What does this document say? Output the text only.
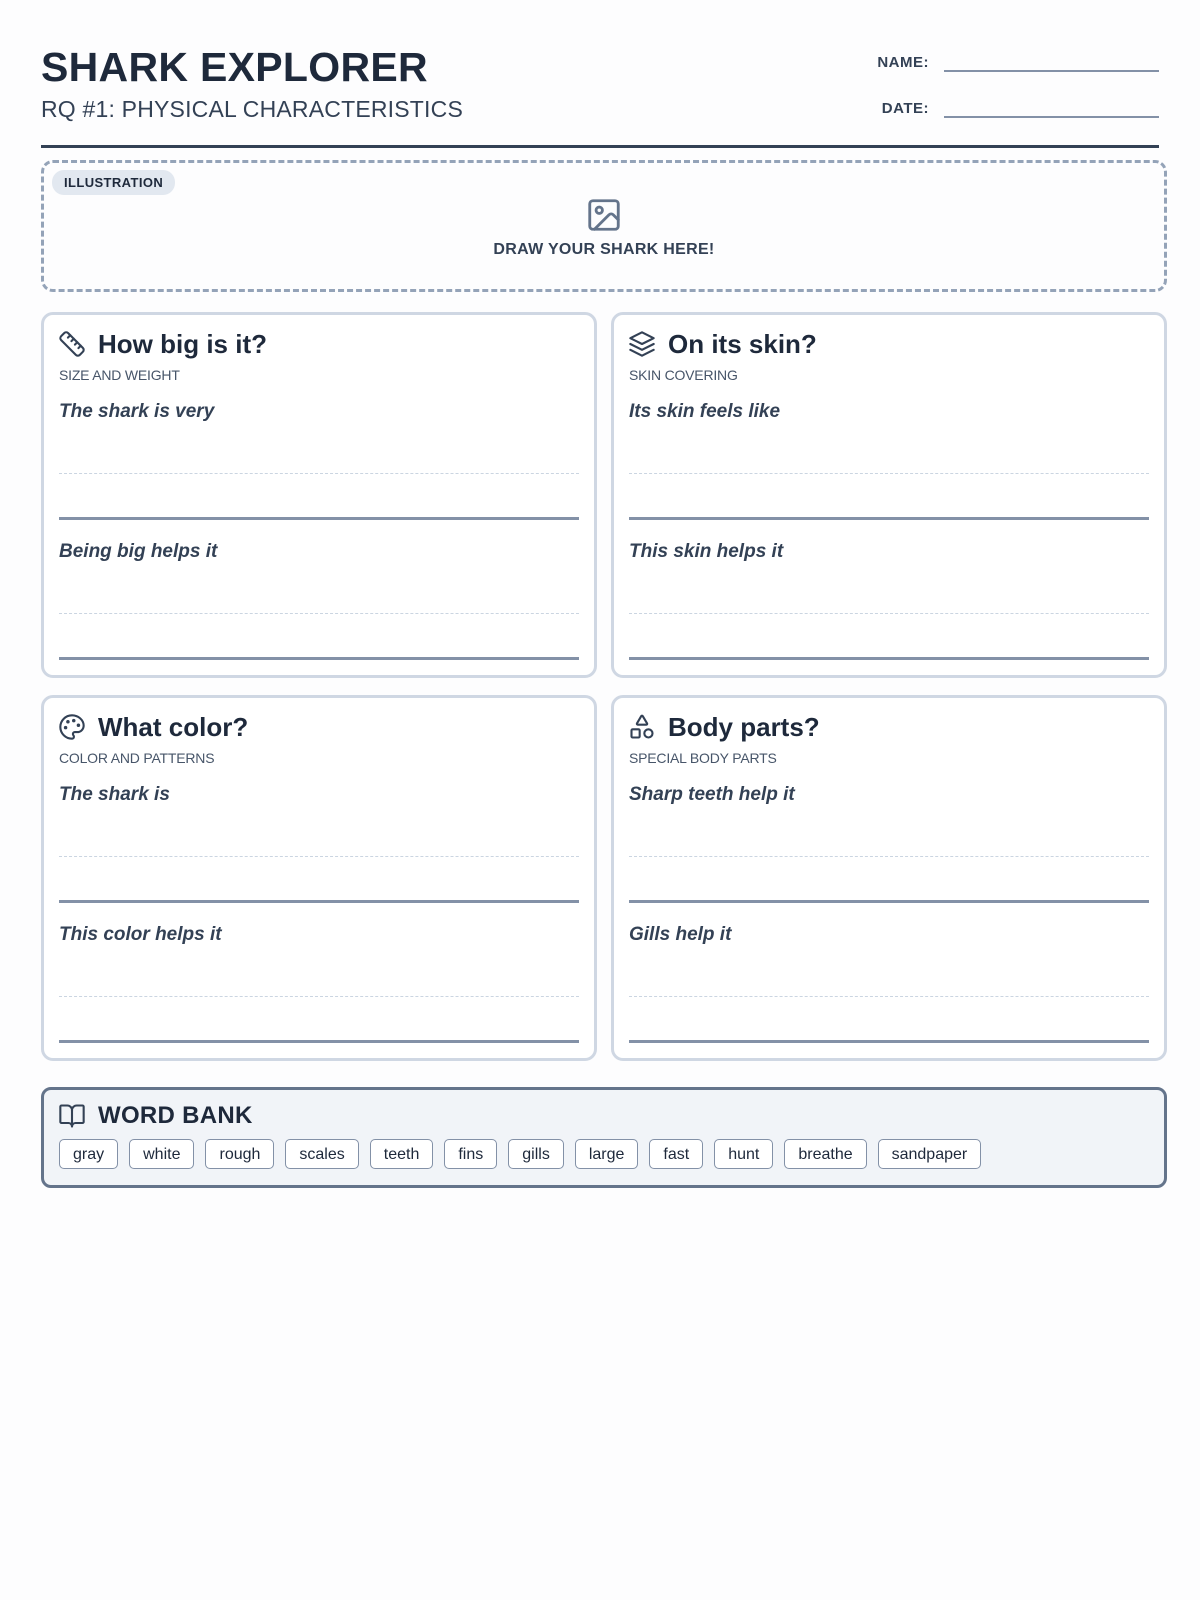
SHARK EXPLORER
RQ #1: PHYSICAL CHARACTERISTICS
NAME:
DATE:
ILLUSTRATION
DRAW YOUR SHARK HERE!
How big is it?
SIZE AND WEIGHT
The shark is very
Being big helps it
On its skin?
SKIN COVERING
Its skin feels like
This skin helps it
What color?
COLOR AND PATTERNS
The shark is
This color helps it
Body parts?
SPECIAL BODY PARTS
Sharp teeth help it
Gills help it
WORD BANK
gray	white	rough	scales	teeth	fins	gills	large	fast	hunt	breathe	sandpaper
